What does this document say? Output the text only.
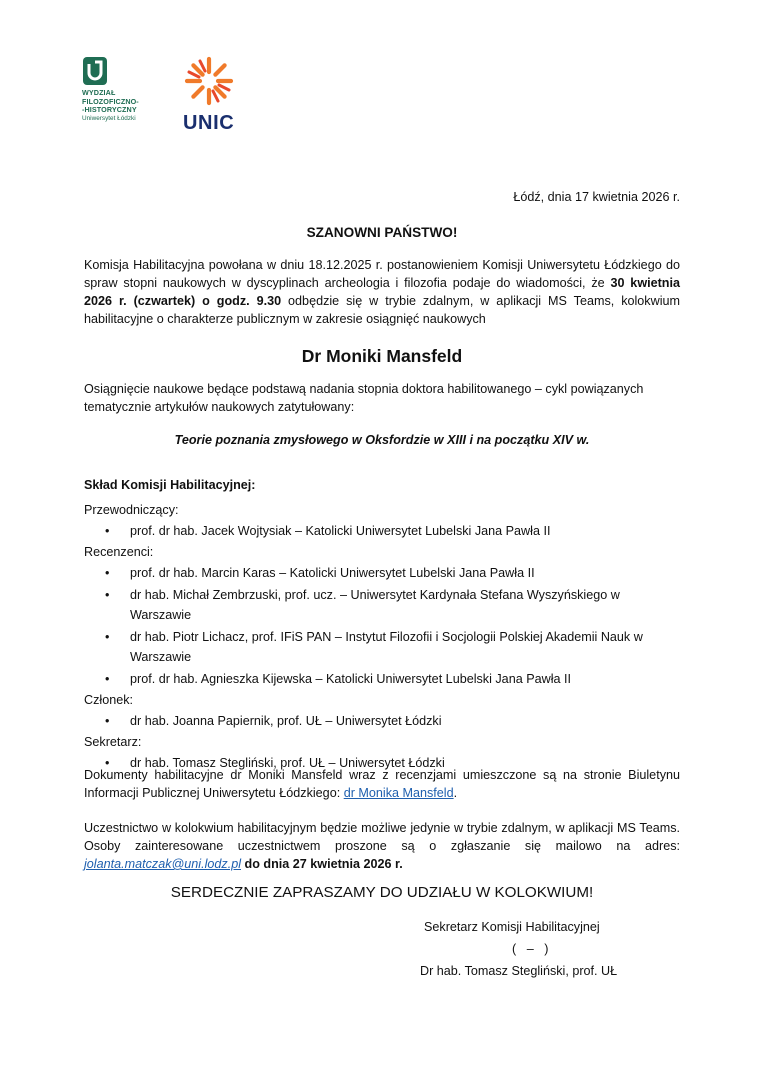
WYDZIAŁ
FILOZOFICZNO-
-HISTORYCZNY
Uniwersytet Łódzki	UNIC
Łódź, dnia 17 kwietnia 2026 r.
SZANOWNI PAŃSTWO!
Komisja Habilitacyjna powołana w dniu 18.12.2025 r. postanowieniem Komisji Uniwersytetu Łódzkiego do spraw stopni naukowych w dyscyplinach archeologia i filozofia podaje do wiadomości, że 30 kwietnia 2026 r. (czwartek) o godz. 9.30 odbędzie się w trybie zdalnym, w aplikacji MS Teams, kolokwium habilitacyjne o charakterze publicznym w zakresie osiągnięć naukowych
Dr Moniki Mansfeld
Osiągnięcie naukowe będące podstawą nadania stopnia doktora habilitowanego – cykl powiązanych tematycznie artykułów naukowych zatytułowany:
Teorie poznania zmysłowego w Oksfordzie w XIII i na początku XIV w.
Skład Komisji Habilitacyjnej:
Przewodniczący:
• prof. dr hab. Jacek Wojtysiak – Katolicki Uniwersytet Lubelski Jana Pawła II
Recenzenci:
• prof. dr hab. Marcin Karas – Katolicki Uniwersytet Lubelski Jana Pawła II
• dr hab. Michał Zembrzuski, prof. ucz. – Uniwersytet Kardynała Stefana Wyszyńskiego w Warszawie
• dr hab. Piotr Lichacz, prof. IFiS PAN – Instytut Filozofii i Socjologii Polskiej Akademii Nauk w Warszawie
• prof. dr hab. Agnieszka Kijewska – Katolicki Uniwersytet Lubelski Jana Pawła II
Członek:
• dr hab. Joanna Papiernik, prof. UŁ – Uniwersytet Łódzki
Sekretarz:
• dr hab. Tomasz Stegliński, prof. UŁ – Uniwersytet Łódzki
Dokumenty habilitacyjne dr Moniki Mansfeld wraz z recenzjami umieszczone są na stronie Biuletynu Informacji Publicznej Uniwersytetu Łódzkiego: dr Monika Mansfeld.
Uczestnictwo w kolokwium habilitacyjnym będzie możliwe jedynie w trybie zdalnym, w aplikacji MS Teams. Osoby zainteresowane uczestnictwem proszone są o zgłaszanie się mailowo na adres: jolanta.matczak@uni.lodz.pl do dnia 27 kwietnia 2026 r.
SERDECZNIE ZAPRASZAMY DO UDZIAŁU W KOLOKWIUM!
Sekretarz Komisji Habilitacyjnej
(   –   )
Dr hab. Tomasz Stegliński, prof. UŁ
